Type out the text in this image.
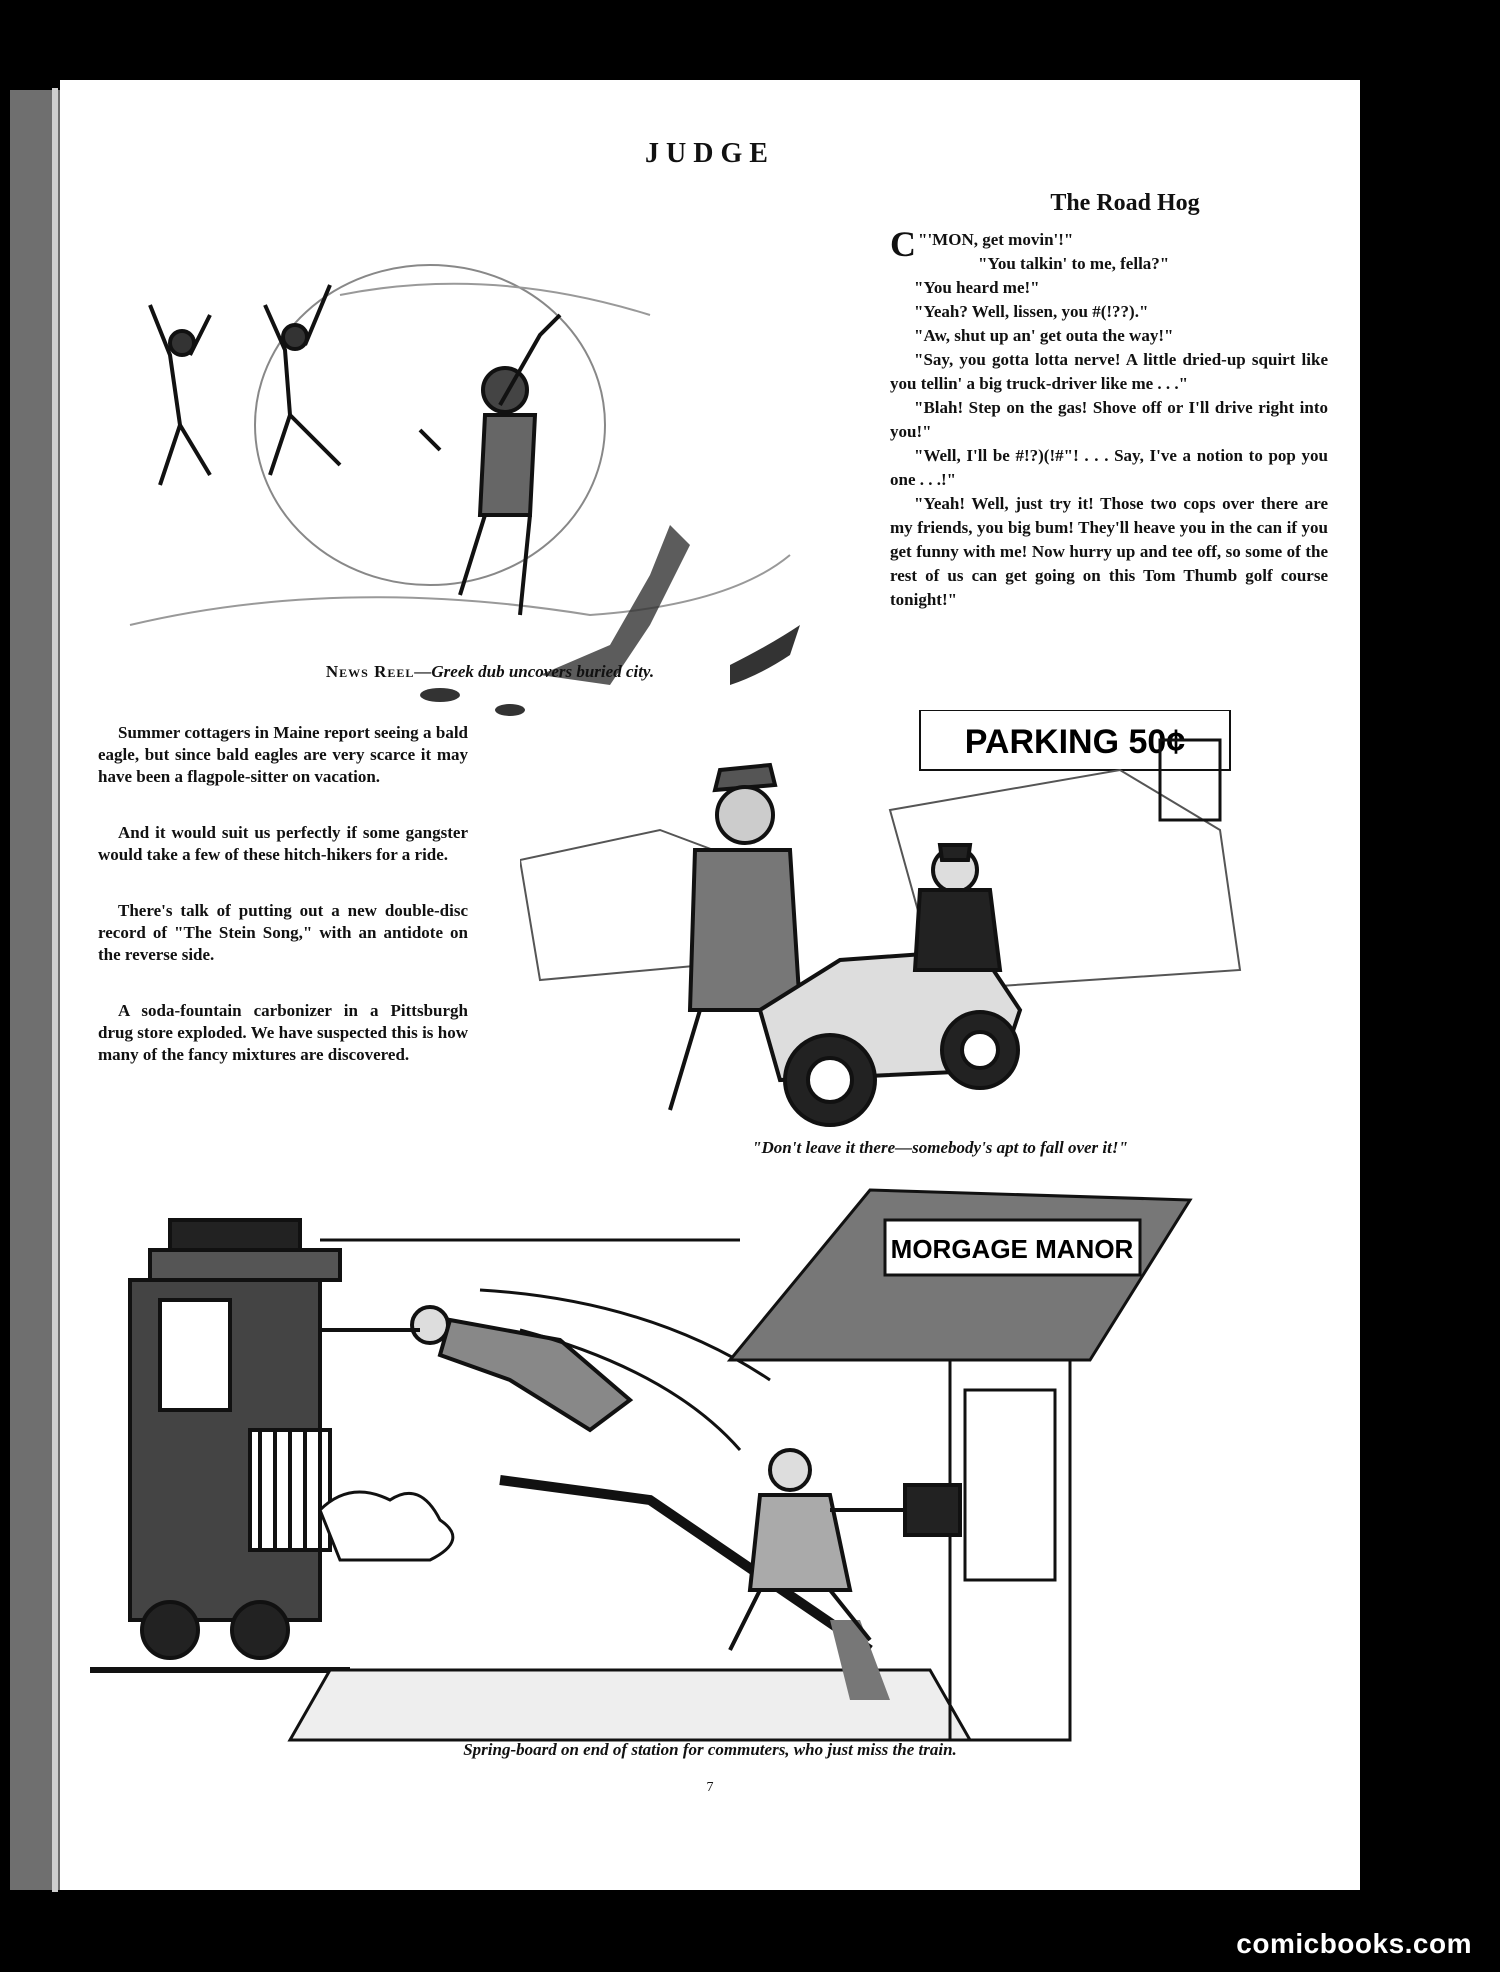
JUDGE
News Reel—Greek dub uncovers buried city.
The Road Hog

"
C 'MON, get movin'!"

"You talkin' to me, fella?"

"You heard me!"

"Yeah? Well, lissen, you #(!??)."

"Aw, shut up an' get outa the way!"

"Say, you gotta lotta nerve! A little dried-up squirt like you tellin' a big truck-driver like me . . ."

"Blah! Step on the gas! Shove off or I'll drive right into you!"

"Well, I'll be #!?)(!#"! . . . Say, I've a notion to pop you one . . .!"

"Yeah! Well, just try it! Those two cops over there are my friends, you big bum! They'll heave you in the can if you get funny with me! Now hurry up and tee off, so some of the rest of us can get going on this Tom Thumb golf course tonight!"

Summer cottagers in Maine report seeing a bald eagle, but since bald eagles are very scarce it may have been a flagpole-sitter on vacation.

And it would suit us perfectly if some gangster would take a few of these hitch-hikers for a ride.

There's talk of putting out a new double-disc record of "The Stein Song," with an antidote on the reverse side.

A soda-fountain carbonizer in a Pittsburgh drug store exploded. We have suspected this is how many of the fancy mixtures are discovered.

PARKING 50¢
"Don't leave it there—somebody's apt to fall over it!"
MORGAGE MANOR
Spring-board on end of station for commuters, who just miss the train.
7
comicbooks.com
